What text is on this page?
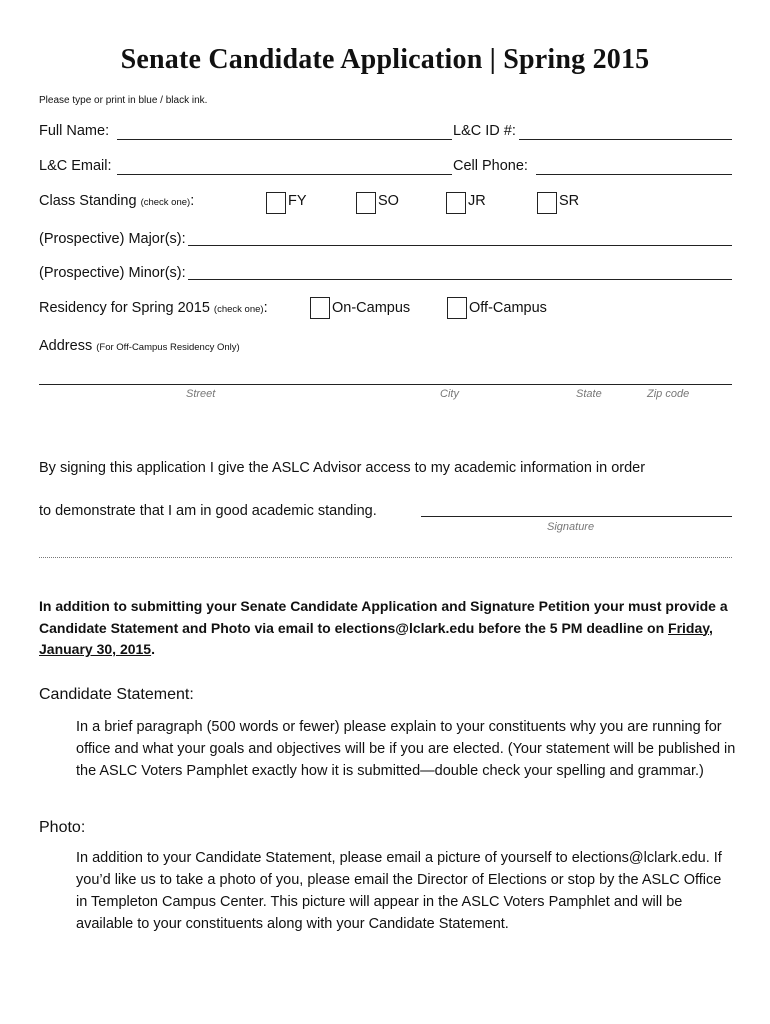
Senate Candidate Application | Spring 2015
Please type or print in blue / black ink.
Full Name:	L&C ID #:
L&C Email:	Cell Phone:
Class Standing (check one):	FY	SO	JR	SR
(Prospective) Major(s):
(Prospective) Minor(s):
Residency for Spring 2015 (check one):	On-Campus	Off-Campus
Address (For Off-Campus Residency Only)
Street	City	State	Zip code
By signing this application I give the ASLC Advisor access to my academic information in order
to demonstrate that I am in good academic standing.
Signature
In addition to submitting your Senate Candidate Application and Signature Petition your must provide a Candidate Statement and Photo via email to elections@lclark.edu before the 5 PM deadline on Friday, January 30, 2015.
Candidate Statement:
In a brief paragraph (500 words or fewer) please explain to your constituents why you are running for office and what your goals and objectives will be if you are elected. (Your statement will be published in the ASLC Voters Pamphlet exactly how it is submitted—double check your spelling and grammar.)
Photo:
In addition to your Candidate Statement, please email a picture of yourself to elections@lclark.edu. If you’d like us to take a photo of you, please email the Director of Elections or stop by the ASLC Office in Templeton Campus Center. This picture will appear in the ASLC Voters Pamphlet and will be available to your constituents along with your Candidate Statement.
